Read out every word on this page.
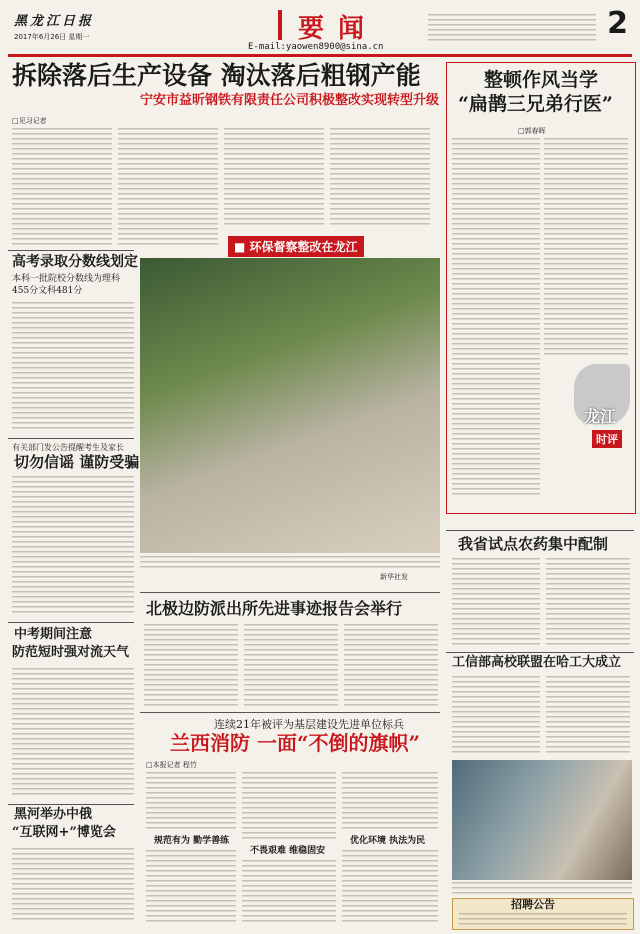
黑龙江日报
2017年6月26日 星期一	要闻
E-mail:yaowen8900@sina.cn
2
拆除落后生产设备 淘汰落后粗钢产能
宁安市益昕钢铁有限责任公司积极整改实现转型升级
□见习记者
■ 环保督察整改在龙江
新华社发
整顿作风当学
“扁鹊三兄弟行医”
□郭春晖
龙江
时评
高考录取分数线划定
本科一批院校分数线为理科455分文科481分
有关部门发公告提醒考生及家长
切勿信谣 谨防受骗
中考期间注意
防范短时强对流天气
黑河举办中俄
“互联网+”博览会
北极边防派出所先进事迹报告会举行
连续21年被评为基层建设先进单位标兵
兰西消防 一面“不倒的旗帜”
□本报记者 程竹
规范有为 勤学善练
不畏艰难 维稳固安
优化环境 执法为民
我省试点农药集中配制
工信部高校联盟在哈工大成立
招聘公告
